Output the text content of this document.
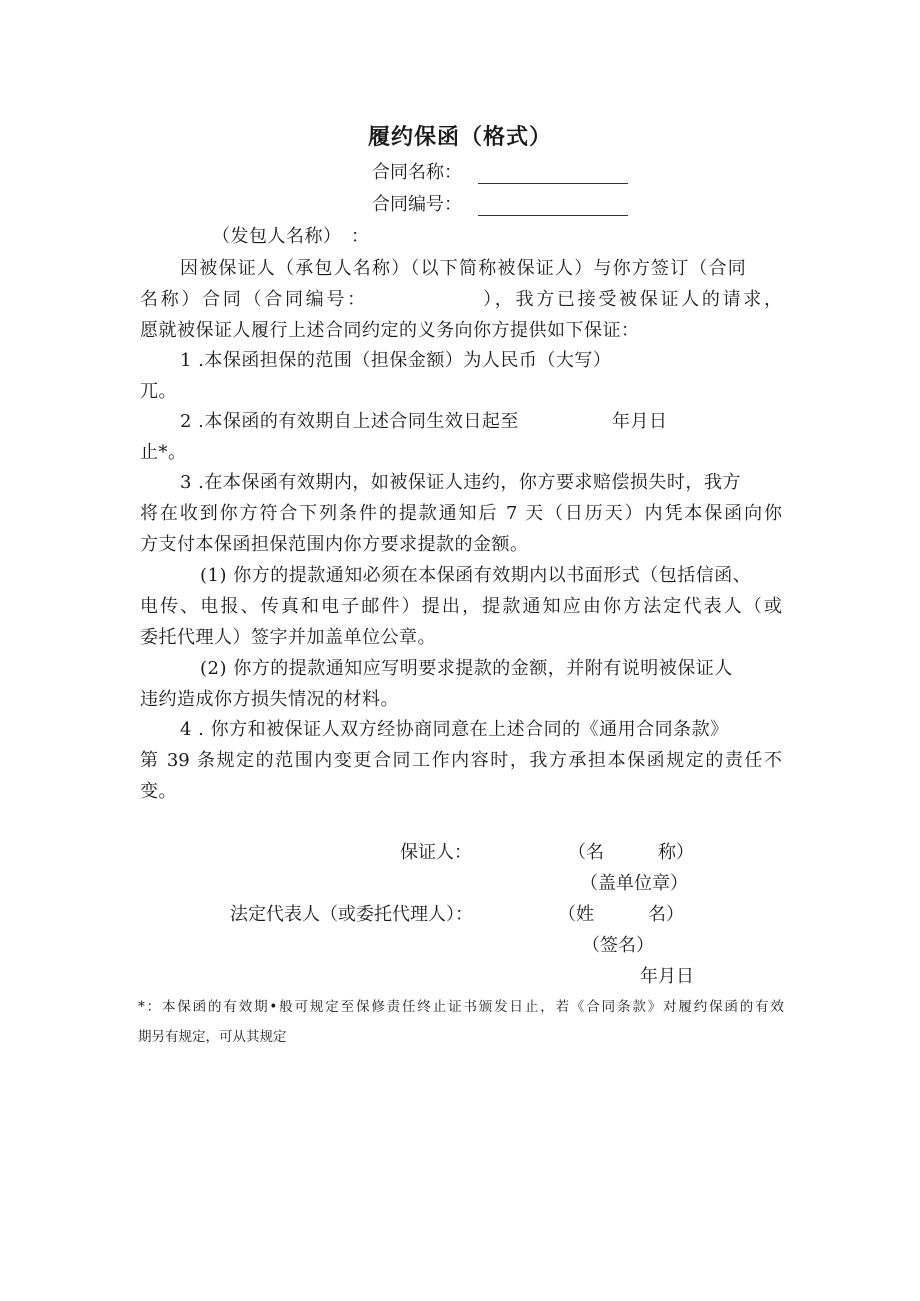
履约保函（格式）
合同名称：
合同编号：
（发包人名称）　：
因被保证人（承包人名称）（以下简称被保证人）与你方签订（合同
名称）合同（合同编号：　　　　　　），我方已接受被保证人的请求，
愿就被保证人履行上述合同约定的义务向你方提供如下保证：
1 .本保函担保的范围（担保金额）为人民币（大写）
兀。
2 .本保函的有效期自上述合同生效日起至	年月日
止*。
3 .在本保函有效期内，如被保证人违约，你方要求赔偿损失时，我方
将在收到你方符合下列条件的提款通知后 7 天（日历天）内凭本保函向你
方支付本保函担保范围内你方要求提款的金额。
(1) 你方的提款通知必须在本保函有效期内以书面形式（包括信函、
电传、电报、传真和电子邮件）提出，提款通知应由你方法定代表人（或
委托代理人）签字并加盖单位公章。
(2) 你方的提款通知应写明要求提款的金额，并附有说明被保证人
违约造成你方损失情况的材料。
4 . 你方和被保证人双方经协商同意在上述合同的《通用合同条款》
第 39 条规定的范围内变更合同工作内容时，我方承担本保函规定的责任不
变。
保证人：	（名　　　称）
（盖单位章）
法定代表人（或委托代理人）：	（姓　　　名）
（签名）
年月日
*：本保函的有效期•般可规定至保修责任终止证书颁发日止，若《合同条款》对履约保函的有效
期另有规定，可从其规定
